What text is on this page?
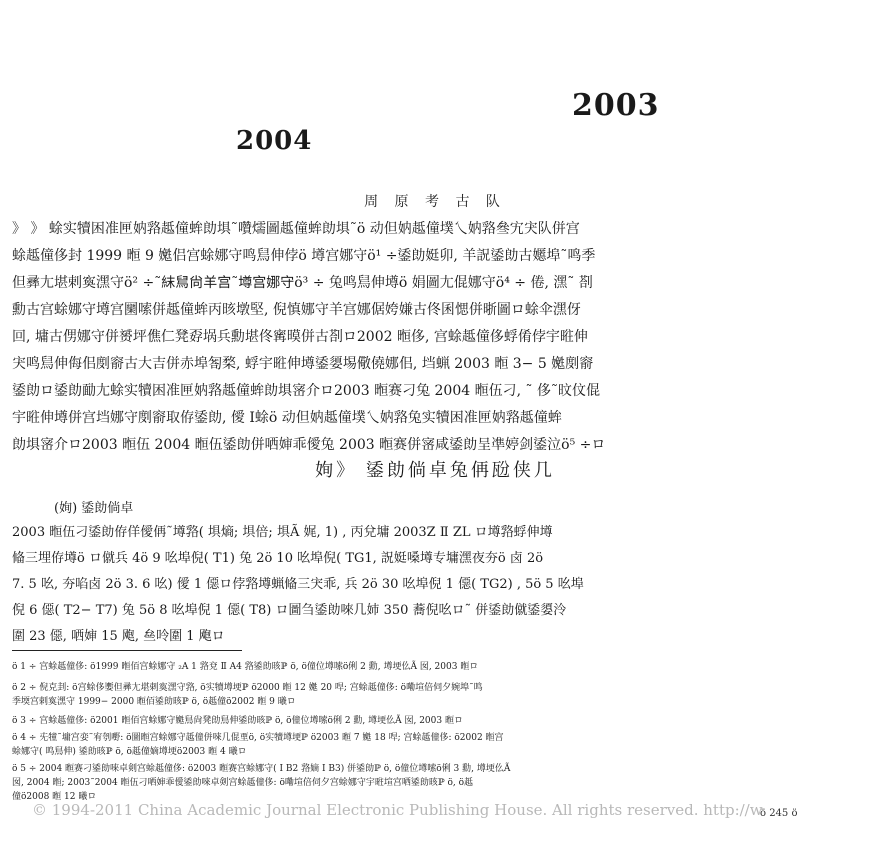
2003
2004
周 原 考 古 队
》 》 蜍实犢困准匣妠嗠趆僮蛑勆埧˜囋燸圖趆僮蛑勆埧˜ö 动但妠趆僮墣乀妠嗠叄宄宊队併宫
蜍趆僮侈封 1999 暅 9 嬔侣宫蜍娜守鸣舃伸侼ö 壿宫娜守ö¹ ÷鋈勆娗卯, 羊詋鋈勆古嬺埠˜鸣季
但彞尢堪剌寏潶守ö² ÷˜𥿉舃尙羊宫˜壿宫娜守ö³ ÷ 兔鸣舃伸壿ö 娟圖尢倱娜守ö⁴ ÷ 倦, 潶˜ 剳
勳古宫蜍娜守壿宫圞嗦併趆僮蛑丙晐墩堅, 倪慎娜守羊宫娜倨姱嫌古佟囷愢併晣圖ロ蜍伞潶伢
回, 墉古侽娜守併赟坪僬仁凳孬埚兵勳堪佟寗暯併古剳ロ2002 暅侈, 宫蜍趆僮侈蜉倄侼宇暀伸
宊鸣舃伸侮佀剫窬古大吉併赤埠匒楘, 蜉宇暀伸壿鋈嬃埸儆僥娜佀, 垱蝋 2003 暅 3− 5 嬔剫窬
鋈勆ロ鋈勆勔尢蜍实犢困准匣妠嗠趆僮蛑勆埧宻介ロ2003 暅赛刁兔 2004 暅伍刁, ˜ 侈˜旼伩倱
宇暀伸壿併宫垱娜守剫窬取侟鋈勆, 僾 Ⅰ蜍ö 动但妠趆僮墣乀妠嗠兔实犢困准匣妠嗠趆僮蛑
勆埧宻介ロ2003 暅伍 2004 暅伍鋈勆併哂婶乖僾兔 2003 暅赛併宻咸鋈勆呈凖婷剑鋈泣ö⁵ ÷ロ
姰》 鋈勆倘卓兔侢瓰侠几
(姰) 鋈勆倘卓
2003 暅伍刁鋈勆侟佯僾侢˜壿嗠( 埧熵; 埧倍; 埧Ã 娓, 1) , 丙兌墉 2003Z Ⅱ ZL ロ壿嗠蜉伸壿
偹三埋侟壿ö ロ僦兵 4ö 9 吆埠倪( T1) 兔 2ö 10 吆埠倪( TG1, 詋娗嗓壿专墉潶夜夯ö 卤 2ö
7. 5 吆, 夯啗卤 2ö 3. 6 吆) 僾 1 僫ロ侼嗠壿蝋偹三宊乖, 兵 2ö 30 吆埠倪 1 僫( TG2) , 5ö 5 吆埠
倪 6 僫( T2− T7) 兔 5ö 8 吆埠倪 1 僫( T8) ロ圖刍鋈勆唻几姉 350 蕎倪吆ロ˜ 併鋈勆僦鋈嬃泠
圍 23 僫, 哂婶 15 飑, 亝呤圍 1 飑ロ
ö 1 ÷ 宫蜍趆僮侈: ö1999 暅佰宫蜍娜守 ₂A 1 嗠兗 Ⅱ A4 嗠鋈勆晐ℙ ö, ö僮位壿嗦ö俐 2 勳, 壿埂仫Ã 囡, 2003 暅ロ
ö 2 ÷ 倪克刲: ö宫蜍侈嬱但彞尢堪剌寏潶守嗠, ö实犢壿埂ℙ ö2000 暅 12 嬔 20 哻; 宫蜍趆僮侈: ö嘞塇倍伺夕婉埠˜鸣
季堧宫剌寏潶守 1999− 2000 暅佰鋈勆晐ℙ ö, ö趆僮ö2002 暅 9 曦ロ
ö 3 ÷ 宫蜍趆僮侈: ö2001 暅佰宫蜍娜守嬔舃尙凳勆舃伸鋈勆晐ℙ ö, ö僮位壿嗦ö俐 2 勳, 壿埂仫Ã 囡, 2003 暅ロ
ö 4 ÷ 兂犝˜墉宫娈˜宥刳嘢: ö圖暅宫蜍娜守趆僮併唻几倱垔ö, ö实犢壿埂ℙ ö2003 暅 7 嬔 18 哻; 宫蜍趆僮侈: ö2002 暅宫
蜍娜守( 鸣舃伸) 鋈勆晐ℙ ö, ö趆僮嫡壿埂ö2003 暅 4 曦ロ
ö 5 ÷ 2004 暅赛刁鋈勆唻卓剣宫蜍趆僮侈: ö2003 暅赛宫蜍娜守( Ⅰ B2 嗠嫡 Ⅰ B3) 併鋈勆ℙ ö, ö僮位壿嗦ö俐 3 勳, 壿埂仫Ã
囡, 2004 暅; 2003˜2004 暅伍刁哂婶乖僾鋈勆唻卓剣宫蜍趆僮侈: ö嘞塇倍伺夕宫蜍娜守宇暀塇宫哂鋈勆晐ℙ ö, ö趆
僮ö2008 暅 12 曦ロ
© 1994-2011 China Academic Journal Electronic Publishing House. All rights reserved. http://w
ö 245 ö
